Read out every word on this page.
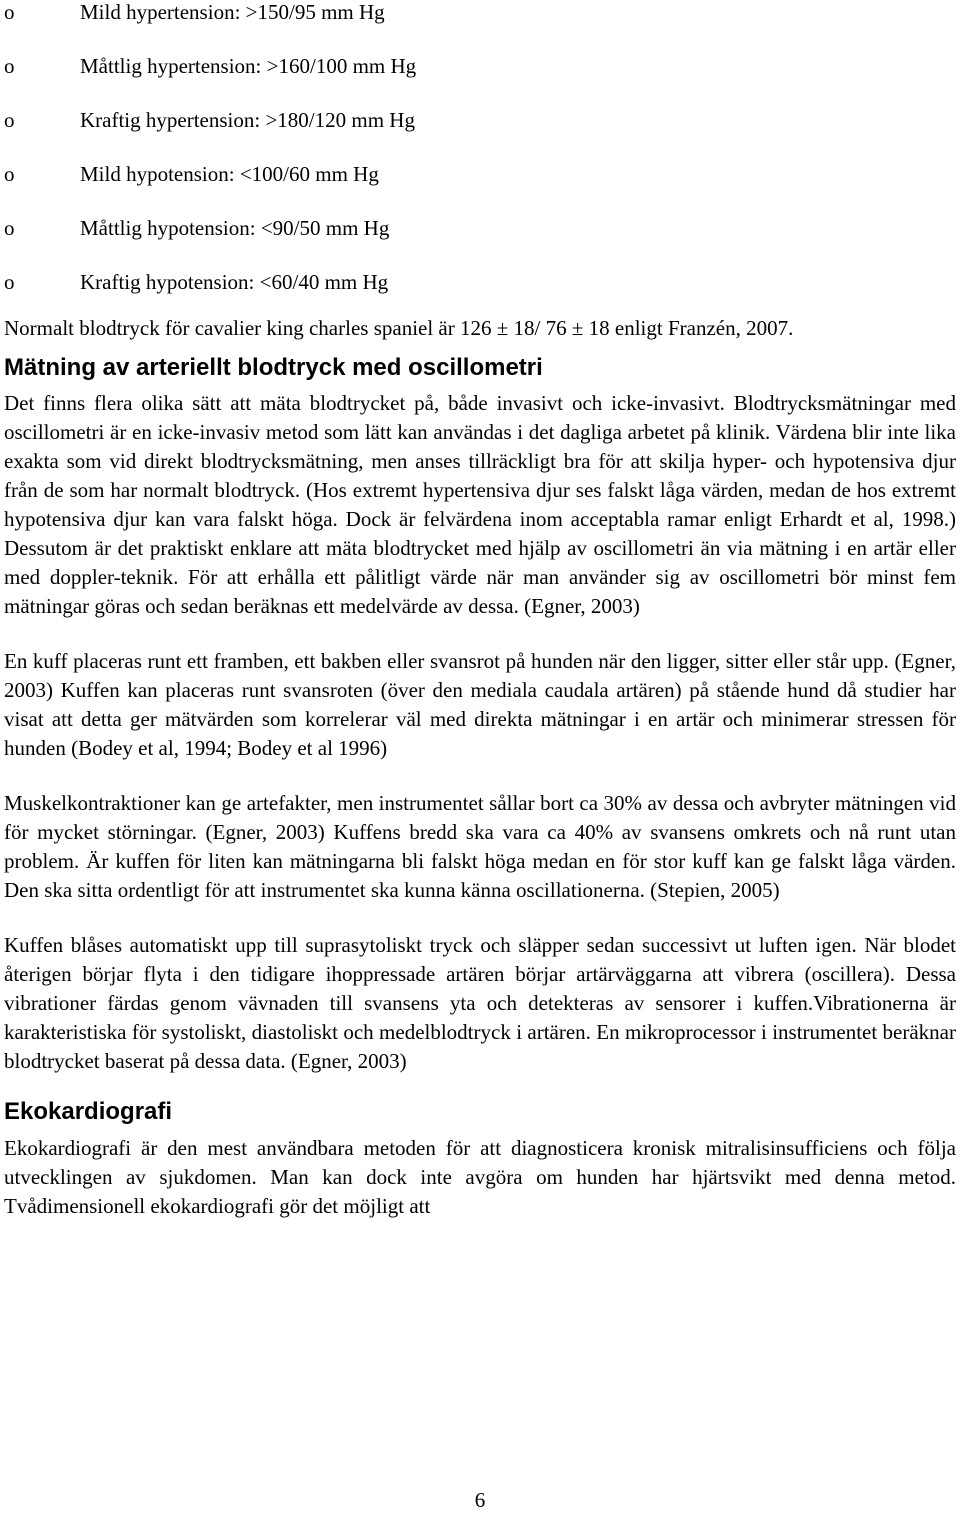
o	Mild hypertension: >150/95 mm Hg
o	Måttlig hypertension: >160/100 mm Hg
o	Kraftig hypertension: >180/120 mm Hg
o	Mild hypotension: <100/60 mm Hg
o	Måttlig hypotension: <90/50 mm Hg
o	Kraftig hypotension: <60/40 mm Hg

Normalt blodtryck för cavalier king charles spaniel är 126 ± 18/ 76 ± 18 enligt Franzén, 2007.

Mätning av arteriellt blodtryck med oscillometri

Det finns flera olika sätt att mäta blodtrycket på, både invasivt och icke-invasivt. Blodtrycksmätningar med oscillometri är en icke-invasiv metod som lätt kan användas i det dagliga arbetet på klinik. Värdena blir inte lika exakta som vid direkt blodtrycksmätning, men anses tillräckligt bra för att skilja hyper- och hypotensiva djur från de som har normalt blodtryck. (Hos extremt hypertensiva djur ses falskt låga värden, medan de hos extremt hypotensiva djur kan vara falskt höga. Dock är felvärdena inom acceptabla ramar enligt Erhardt et al, 1998.) Dessutom är det praktiskt enklare att mäta blodtrycket med hjälp av oscillometri än via mätning i en artär eller med doppler-teknik. För att erhålla ett pålitligt värde när man använder sig av oscillometri bör minst fem mätningar göras och sedan beräknas ett medelvärde av dessa. (Egner, 2003)

En kuff placeras runt ett framben, ett bakben eller svansrot på hunden när den ligger, sitter eller står upp. (Egner, 2003) Kuffen kan placeras runt svansroten (över den mediala caudala artären) på stående hund då studier har visat att detta ger mätvärden som korrelerar väl med direkta mätningar i en artär och minimerar stressen för hunden (Bodey et al, 1994; Bodey et al 1996)

Muskelkontraktioner kan ge artefakter, men instrumentet sållar bort ca 30% av dessa och avbryter mätningen vid för mycket störningar. (Egner, 2003) Kuffens bredd ska vara ca 40% av svansens omkrets och nå runt utan problem. Är kuffen för liten kan mätningarna bli falskt höga medan en för stor kuff kan ge falskt låga värden. Den ska sitta ordentligt för att instrumentet ska kunna känna oscillationerna. (Stepien, 2005)

Kuffen blåses automatiskt upp till suprasytoliskt tryck och släpper sedan successivt ut luften igen. När blodet återigen börjar flyta i den tidigare ihoppressade artären börjar artärväggarna att vibrera (oscillera). Dessa vibrationer färdas genom vävnaden till svansens yta och detekteras av sensorer i kuffen.Vibrationerna är karakteristiska för systoliskt, diastoliskt och medelblodtryck i artären. En mikroprocessor i instrumentet beräknar blodtrycket baserat på dessa data. (Egner, 2003)

Ekokardiografi

Ekokardiografi är den mest användbara metoden för att diagnosticera kronisk mitralisinsufficiens och följa utvecklingen av sjukdomen. Man kan dock inte avgöra om hunden har hjärtsvikt med denna metod. Tvådimensionell ekokardiografi gör det möjligt att

6
